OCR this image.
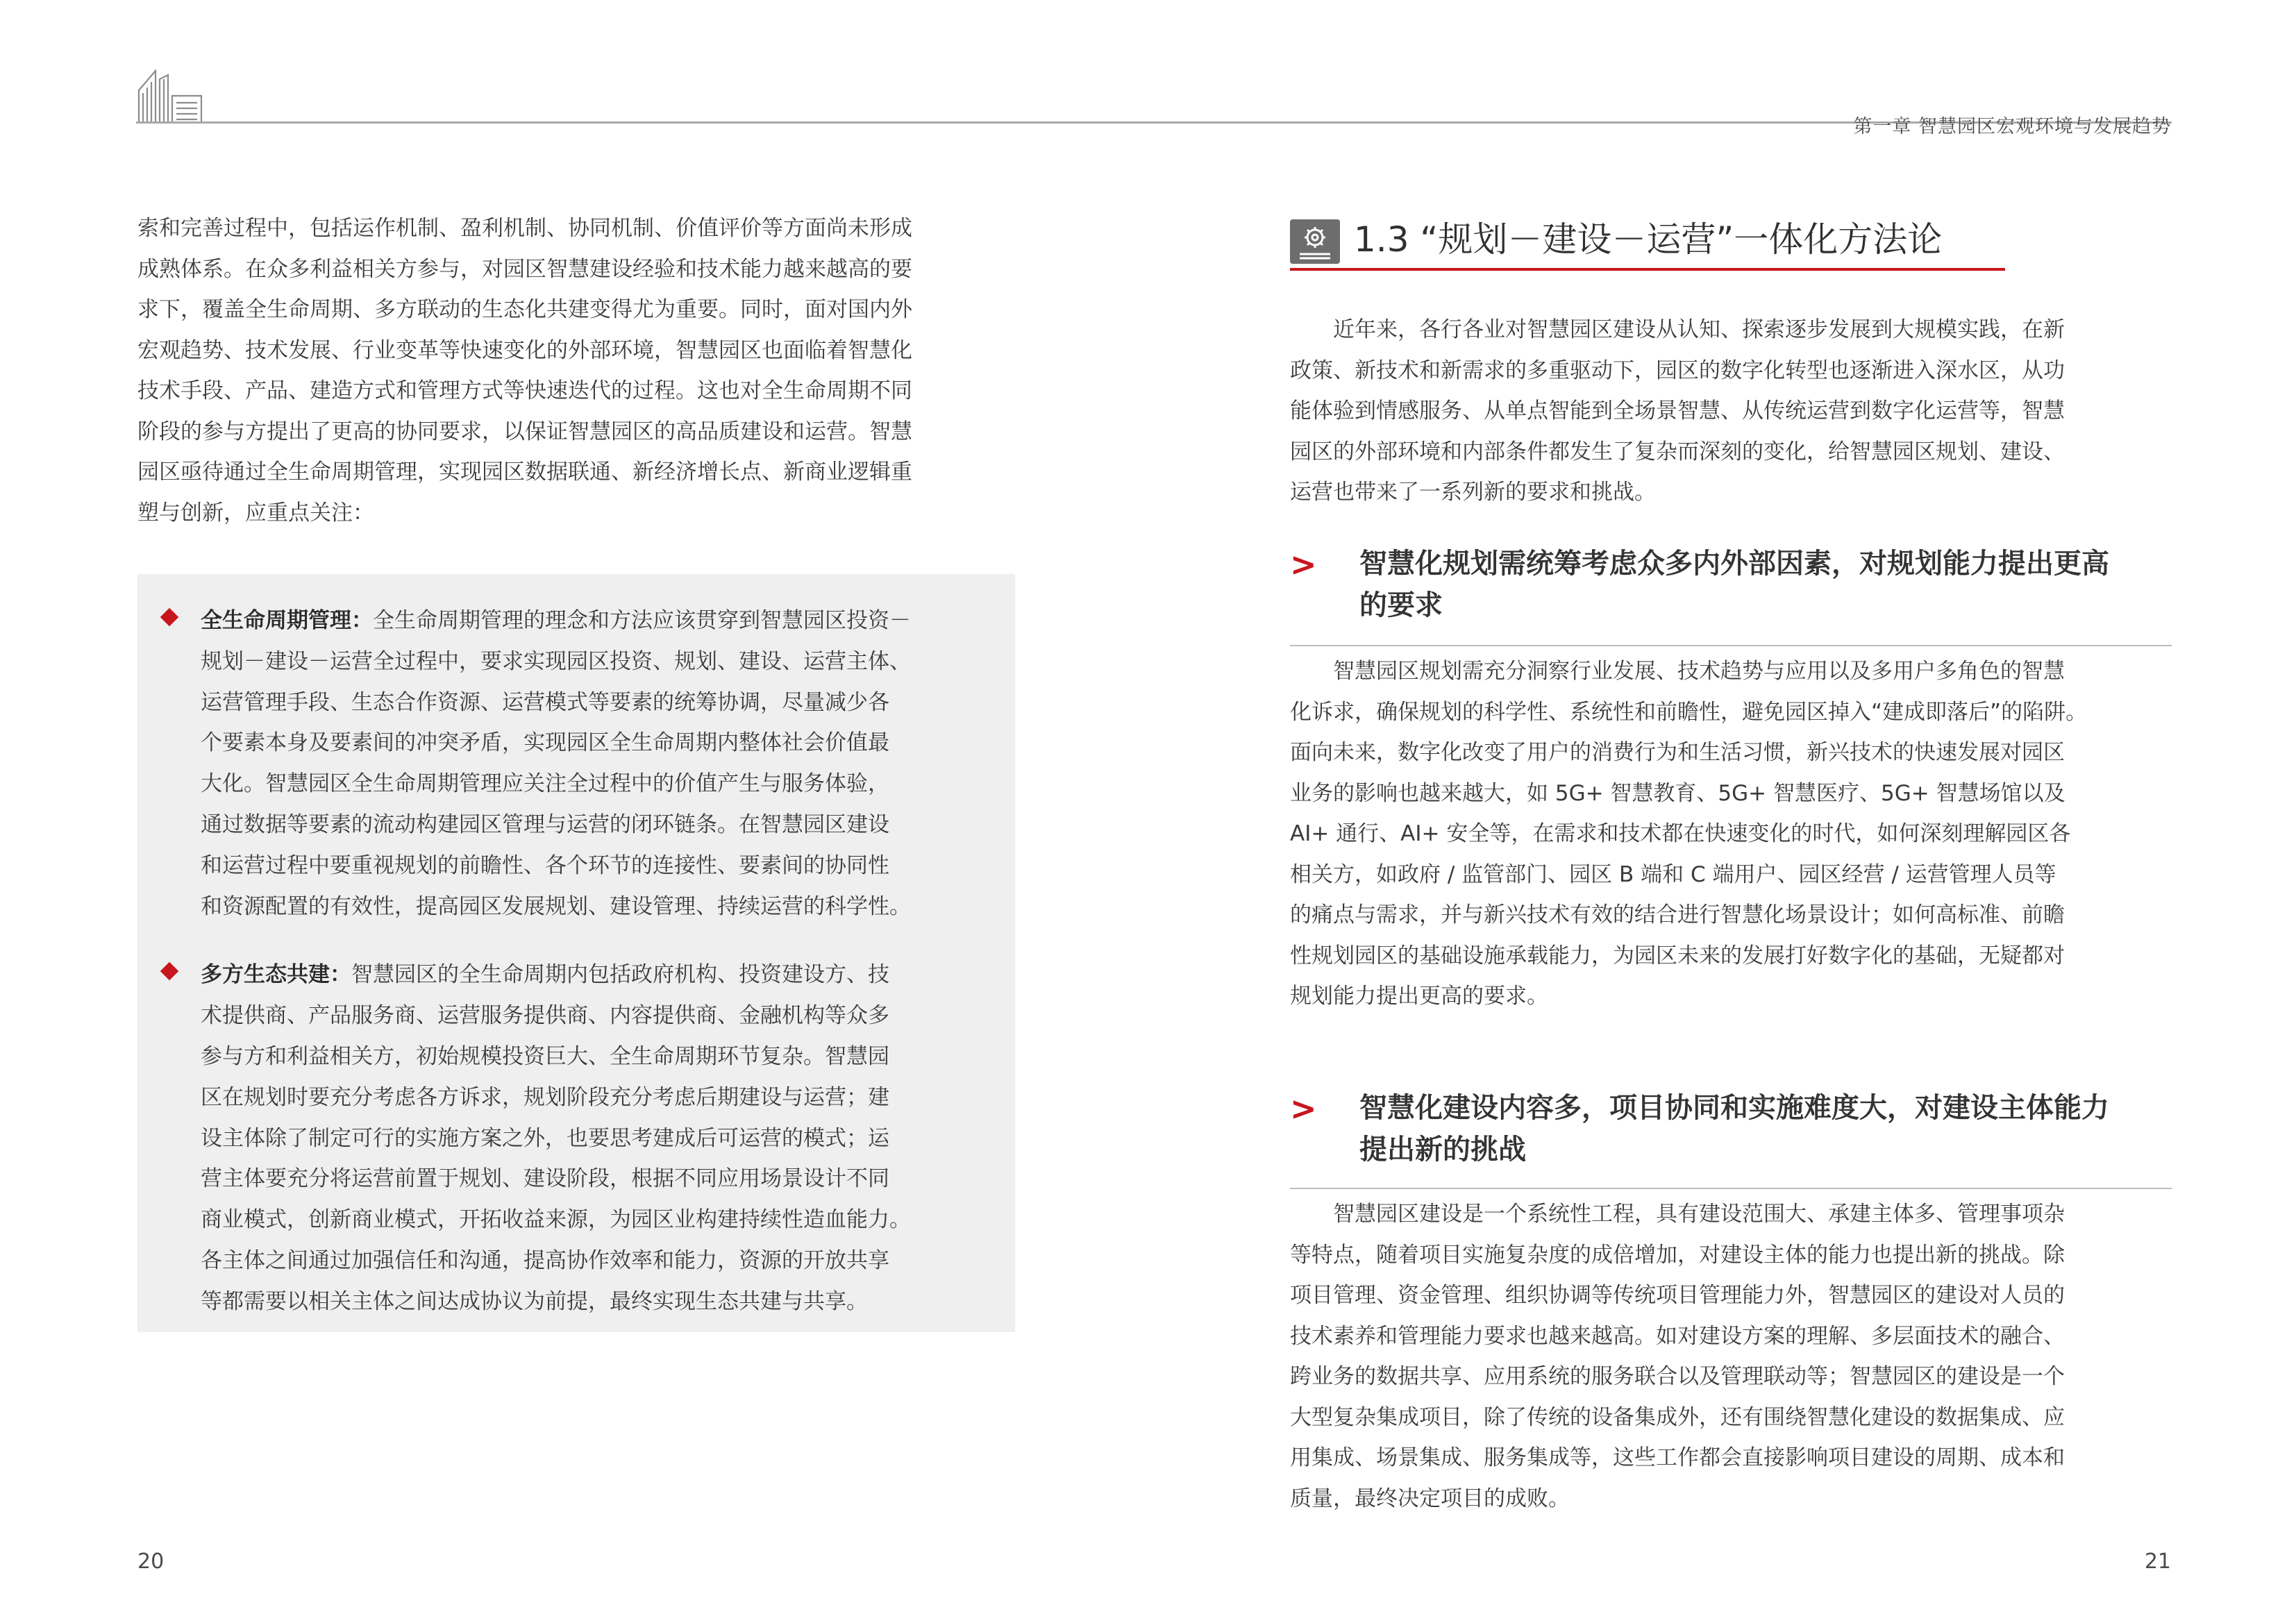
第一章 智慧园区宏观环境与发展趋势

索和完善过程中，包括运作机制、盈利机制、协同机制、价值评价等方面尚未形成

成熟体系。在众多利益相关方参与，对园区智慧建设经验和技术能力越来越高的要

求下，覆盖全生命周期、多方联动的生态化共建变得尤为重要。同时，面对国内外

宏观趋势、技术发展、行业变革等快速变化的外部环境，智慧园区也面临着智慧化

技术手段、产品、建造方式和管理方式等快速迭代的过程。这也对全生命周期不同

阶段的参与方提出了更高的协同要求，以保证智慧园区的高品质建设和运营。智慧

园区亟待通过全生命周期管理，实现园区数据联通、新经济增长点、新商业逻辑重

塑与创新，应重点关注：

全生命周期管理：全生命周期管理的理念和方法应该贯穿到智慧园区投资－

规划－建设－运营全过程中，要求实现园区投资、规划、建设、运营主体、

运营管理手段、生态合作资源、运营模式等要素的统筹协调，尽量减少各

个要素本身及要素间的冲突矛盾，实现园区全生命周期内整体社会价值最

大化。智慧园区全生命周期管理应关注全过程中的价值产生与服务体验，

通过数据等要素的流动构建园区管理与运营的闭环链条。在智慧园区建设

和运营过程中要重视规划的前瞻性、各个环节的连接性、要素间的协同性

和资源配置的有效性，提高园区发展规划、建设管理、持续运营的科学性。

多方生态共建：智慧园区的全生命周期内包括政府机构、投资建设方、技

术提供商、产品服务商、运营服务提供商、内容提供商、金融机构等众多

参与方和利益相关方，初始规模投资巨大、全生命周期环节复杂。智慧园

区在规划时要充分考虑各方诉求，规划阶段充分考虑后期建设与运营；建

设主体除了制定可行的实施方案之外，也要思考建成后可运营的模式；运

营主体要充分将运营前置于规划、建设阶段，根据不同应用场景设计不同

商业模式，创新商业模式，开拓收益来源，为园区业构建持续性造血能力。

各主体之间通过加强信任和沟通，提高协作效率和能力，资源的开放共享

等都需要以相关主体之间达成协议为前提，最终实现生态共建与共享。

20

1.3 “规划－建设－运营”一体化方法论

近年来，各行各业对智慧园区建设从认知、探索逐步发展到大规模实践，在新

政策、新技术和新需求的多重驱动下，园区的数字化转型也逐渐进入深水区，从功

能体验到情感服务、从单点智能到全场景智慧、从传统运营到数字化运营等，智慧

园区的外部环境和内部条件都发生了复杂而深刻的变化，给智慧园区规划、建设、

运营也带来了一系列新的要求和挑战。

> 智慧化规划需统筹考虑众多内外部因素，对规划能力提出更高

的要求

智慧园区规划需充分洞察行业发展、技术趋势与应用以及多用户多角色的智慧

化诉求，确保规划的科学性、系统性和前瞻性，避免园区掉入“建成即落后”的陷阱。

面向未来，数字化改变了用户的消费行为和生活习惯，新兴技术的快速发展对园区

业务的影响也越来越大，如 5G+ 智慧教育、5G+ 智慧医疗、5G+ 智慧场馆以及

AI+ 通行、AI+ 安全等，在需求和技术都在快速变化的时代，如何深刻理解园区各

相关方，如政府 / 监管部门、园区 B 端和 C 端用户、园区经营 / 运营管理人员等

的痛点与需求，并与新兴技术有效的结合进行智慧化场景设计；如何高标准、前瞻

性规划园区的基础设施承载能力，为园区未来的发展打好数字化的基础，无疑都对

规划能力提出更高的要求。

> 智慧化建设内容多，项目协同和实施难度大，对建设主体能力

提出新的挑战

智慧园区建设是一个系统性工程，具有建设范围大、承建主体多、管理事项杂

等特点，随着项目实施复杂度的成倍增加，对建设主体的能力也提出新的挑战。除

项目管理、资金管理、组织协调等传统项目管理能力外，智慧园区的建设对人员的

技术素养和管理能力要求也越来越高。如对建设方案的理解、多层面技术的融合、

跨业务的数据共享、应用系统的服务联合以及管理联动等；智慧园区的建设是一个

大型复杂集成项目，除了传统的设备集成外，还有围绕智慧化建设的数据集成、应

用集成、场景集成、服务集成等，这些工作都会直接影响项目建设的周期、成本和

质量，最终决定项目的成败。

21
